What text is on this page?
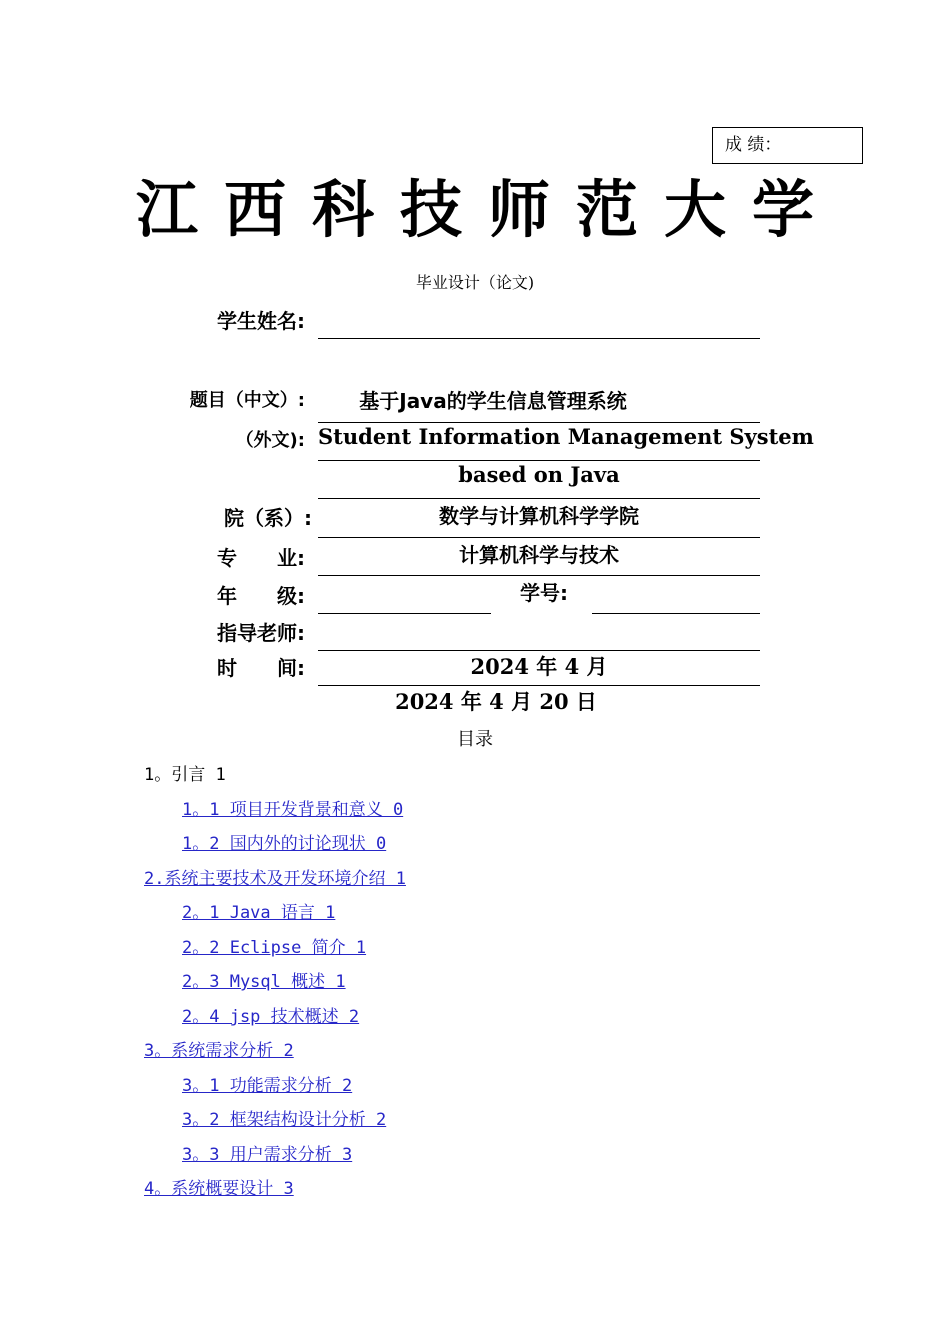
成 绩：
江西科技师范大学
毕业设计（论文)
学生姓名:
题目（中文）:	基于Java的学生信息管理系统
（外文): Student Information Management System
based on Java
院（系）:	数学与计算机科学学院
专　　业:	计算机科学与技术
年　　级:	学号:
指导老师:
时　　间:	2024 年 4 月
2024 年 4 月 20 日
目录
1。引言 1
1。1 项目开发背景和意义 0
1。2 国内外的讨论现状 0
2.系统主要技术及开发环境介绍 1
2。1 Java 语言 1
2。2 Eclipse 简介 1
2。3 Mysql 概述 1
2。4 jsp 技术概述 2
3。系统需求分析 2
3。1 功能需求分析 2
3。2 框架结构设计分析 2
3。3 用户需求分析 3
4。系统概要设计 3
